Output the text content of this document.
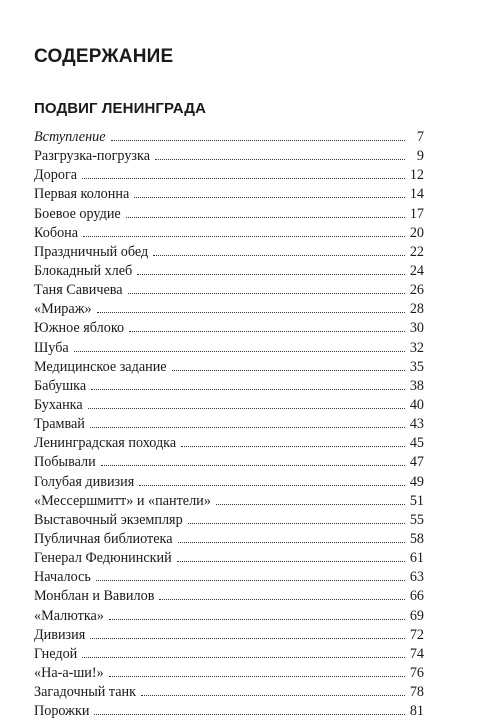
СОДЕРЖАНИЕ
ПОДВИГ ЛЕНИНГРАДА
Вступление	7
Разгрузка-погрузка	9
Дорога	12
Первая колонна	14
Боевое орудие	17
Кобона	20
Праздничный обед	22
Блокадный хлеб	24
Таня Савичева	26
«Мираж»	28
Южное яблоко	30
Шуба	32
Медицинское задание	35
Бабушка	38
Буханка	40
Трамвай	43
Ленинградская походка	45
Побывали	47
Голубая дивизия	49
«Мессершмитт» и «пантели»	51
Выставочный экземпляр	55
Публичная библиотека	58
Генерал Федюнинский	61
Началось	63
Монблан и Вавилов	66
«Малютка»	69
Дивизия	72
Гнедой	74
«На-а-ши!»	76
Загадочный танк	78
Порожки	81
